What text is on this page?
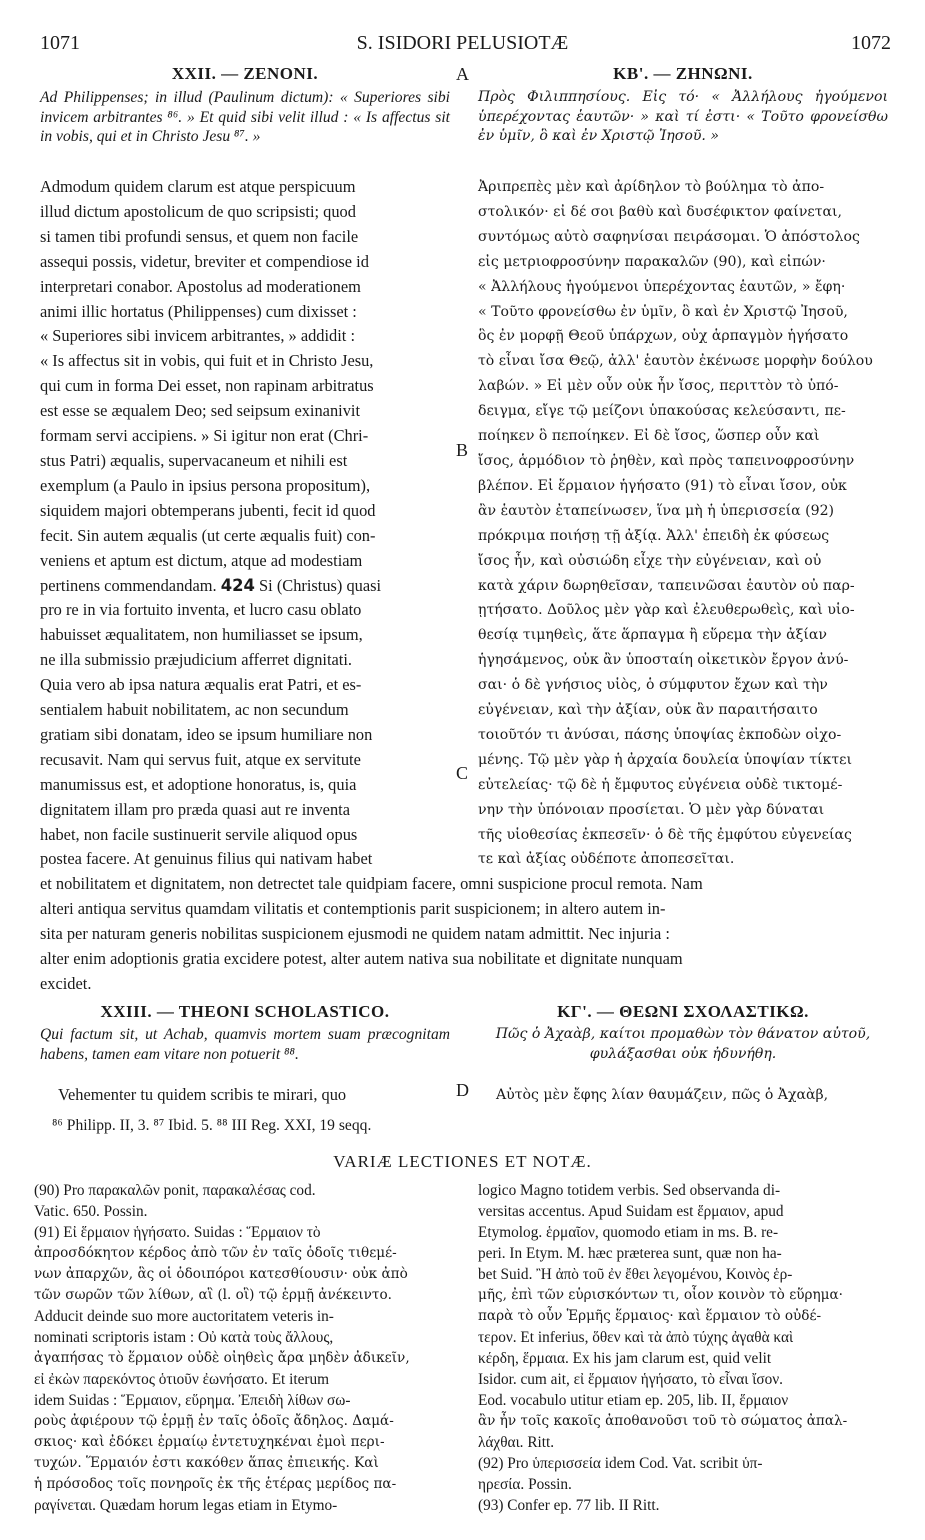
1071	S. ISIDORI PELUSIOTÆ	1072
XXII. — ZENONI.	A	ΚΒ'. — ΖΗΝΩΝΙ.
Ad Philippenses; in illud (Paulinum dictum): « Superiores sibi invicem arbitrantes ⁸⁶. » Et quid sibi velit illud : « Is affectus sit in vobis, qui et in Christo Jesu ⁸⁷. »
Πρὸς Φιλιππησίους. Εἰς τό· « Ἀλλήλους ἡγούμενοι ὑπερέχοντας ἑαυτῶν· » καὶ τί ἐστι· « Τοῦτο φρονείσθω ἐν ὑμῖν, ὃ καὶ ἐν Χριστῷ Ἰησοῦ. »
Admodum quidem clarum est atque perspicuum
illud dictum apostolicum de quo scripsisti; quod
si tamen tibi profundi sensus, et quem non facile
assequi possis, videtur, breviter et compendiose id
interpretari conabor. Apostolus ad moderationem
animi illic hortatus (Philippenses) cum dixisset :
« Superiores sibi invicem arbitrantes, » addidit :
« Is affectus sit in vobis, qui fuit et in Christo Jesu,
qui cum in forma Dei esset, non rapinam arbitratus
est esse se æqualem Deo; sed seipsum exinanivit
formam servi accipiens. » Si igitur non erat (Chri-
stus Patri) æqualis, supervacaneum et nihili est
exemplum (a Paulo in ipsius persona propositum),
siquidem majori obtemperans jubenti, fecit id quod
fecit. Sin autem æqualis (ut certe æqualis fuit) con-
veniens et aptum est dictum, atque ad modestiam
pertinens commendandam. 424 Si (Christus) quasi
pro re in via fortuito inventa, et lucro casu oblato
habuisset æqualitatem, non humiliasset se ipsum,
ne illa submissio præjudicium afferret dignitati.
Quia vero ab ipsa natura æqualis erat Patri, et es-
sentialem habuit nobilitatem, ac non secundum
gratiam sibi donatam, ideo se ipsum humiliare non
recusavit. Nam qui servus fuit, atque ex servitute
manumissus est, et adoptione honoratus, is, quia
dignitatem illam pro præda quasi aut re inventa
habet, non facile sustinuerit servile aliquod opus
postea facere. At genuinus filius qui nativam habet
B
C
Ἀριπρεπὲς μὲν καὶ ἀρίδηλον τὸ βούλημα τὸ ἀπο-
στολικόν· εἰ δέ σοι βαθὺ καὶ δυσέφικτον φαίνεται,
συντόμως αὐτὸ σαφηνίσαι πειράσομαι. Ὁ ἀπόστολος
εἰς μετριοφροσύνην παρακαλῶν (90), καὶ εἰπών·
« Ἀλλήλους ἡγούμενοι ὑπερέχοντας ἑαυτῶν, » ἔφη·
« Τοῦτο φρονείσθω ἐν ὑμῖν, ὃ καὶ ἐν Χριστῷ Ἰησοῦ,
ὃς ἐν μορφῇ Θεοῦ ὑπάρχων, οὐχ ἁρπαγμὸν ἡγήσατο
τὸ εἶναι ἴσα Θεῷ, ἀλλ' ἑαυτὸν ἐκένωσε μορφὴν δούλου
λαβών. » Εἰ μὲν οὖν οὐκ ἦν ἴσος, περιττὸν τὸ ὑπό-
δειγμα, εἴγε τῷ μείζονι ὑπακούσας κελεύσαντι, πε-
ποίηκεν ὃ πεποίηκεν. Εἰ δὲ ἴσος, ὥσπερ οὖν καὶ
ἴσος, ἁρμόδιον τὸ ῥηθὲν, καὶ πρὸς ταπεινοφροσύνην
βλέπον. Εἰ ἕρμαιον ἡγήσατο (91) τὸ εἶναι ἴσον, οὐκ
ἂν ἑαυτὸν ἐταπείνωσεν, ἵνα μὴ ἡ ὑπερισσεία (92)
πρόκριμα ποιήσῃ τῇ ἀξίᾳ. Ἀλλ' ἐπειδὴ ἐκ φύσεως
ἴσος ἦν, καὶ οὐσιώδη εἶχε τὴν εὐγένειαν, καὶ οὐ
κατὰ χάριν δωρηθεῖσαν, ταπεινῶσαι ἑαυτὸν οὐ παρ-
ῃτήσατο. Δοῦλος μὲν γὰρ καὶ ἐλευθερωθεὶς, καὶ υἱο-
θεσίᾳ τιμηθεὶς, ἅτε ἅρπαγμα ἢ εὕρεμα τὴν ἀξίαν
ἡγησάμενος, οὐκ ἂν ὑποσταίη οἰκετικὸν ἔργον ἀνύ-
σαι· ὁ δὲ γνήσιος υἱὸς, ὁ σύμφυτον ἔχων καὶ τὴν
εὐγένειαν, καὶ τὴν ἀξίαν, οὐκ ἂν παραιτήσαιτο
τοιοῦτόν τι ἀνύσαι, πάσης ὑποψίας ἐκποδὼν οἰχο-
μένης. Τῷ μὲν γὰρ ἡ ἀρχαία δουλεία ὑποψίαν τίκτει
εὐτελείας· τῷ δὲ ἡ ἔμφυτος εὐγένεια οὐδὲ τικτομέ-
νην τὴν ὑπόνοιαν προσίεται. Ὁ μὲν γὰρ δύναται
τῆς υἱοθεσίας ἐκπεσεῖν· ὁ δὲ τῆς ἐμφύτου εὐγενείας
τε καὶ ἀξίας οὐδέποτε ἀποπεσεῖται.
et nobilitatem et dignitatem, non detrectet tale quidpiam facere, omni suspicione procul remota. Nam
alteri antiqua servitus quamdam vilitatis et contemptionis parit suspicionem; in altero autem in-
sita per naturam generis nobilitas suspicionem ejusmodi ne quidem natam admittit. Nec injuria :
alter enim adoptionis gratia excidere potest, alter autem nativa sua nobilitate et dignitate nunquam
excidet.
XXIII. — THEONI SCHOLASTICO.	ΚΓ'. — ΘΕΩΝΙ ΣΧΟΛΑΣΤΙΚΩ.
Qui factum sit, ut Achab, quamvis mortem suam præcognitam habens, tamen eam vitare non potuerit ⁸⁸.
Πῶς ὁ Ἀχαὰβ, καίτοι προμαθὼν τὸν θάνατον αὐτοῦ, φυλάξασθαι οὐκ ἠδυνήθη.
Vehementer tu quidem scribis te mirari, quo	D Αὐτὸς μὲν ἔφης λίαν θαυμάζειν, πῶς ὁ Ἀχαὰβ,
⁸⁶ Philipp. II, 3. ⁸⁷ Ibid. 5. ⁸⁸ III Reg. XXI, 19 seqq.
VARIÆ LECTIONES ET NOTÆ.
(90) Pro παρακαλῶν ponit, παρακαλέσας cod.
Vatic. 650. Possin.
(91) Εἰ ἕρμαιον ἡγήσατο. Suidas : Ἕρμαιον τὸ
ἀπροσδόκητον κέρδος ἀπὸ τῶν ἐν ταῖς ὁδοῖς τιθεμέ-
νων ἀπαρχῶν, ἃς οἱ ὁδοιπόροι κατεσθίουσιν· οὐκ ἀπὸ
τῶν σωρῶν τῶν λίθων, αἳ (l. οἳ) τῷ ἑρμῇ ἀνέκειντο.
Adducit deinde suo more auctoritatem veteris in-
nominati scriptoris istam : Οὐ κατὰ τοὺς ἄλλους,
ἀγαπήσας τὸ ἕρμαιον οὐδὲ οἰηθεὶς ἄρα μηδὲν ἀδικεῖν,
εἰ ἐκὼν παρεκόντος ὁτιοῦν ἐωνήσατο. Et iterum
idem Suidas : Ἕρμαιον, εὕρημα. Ἐπειδὴ λίθων σω-
ροὺς ἀφιέρουν τῷ ἑρμῇ ἐν ταῖς ὁδοῖς ἄδηλος. Δαμά-
σκιος· καὶ ἐδόκει ἑρμαίῳ ἐντετυχηκέναι ἐμοὶ περι-
τυχών. Ἕρμαιόν ἐστι κακόθεν ἅπας ἐπιεικής. Καὶ
ἡ πρόσοδος τοῖς πονηροῖς ἐκ τῆς ἑτέρας μερίδος πα-
ραγίνεται. Quædam horum legas etiam in Etymo-
logico Magno totidem verbis. Sed observanda di-
versitas accentus. Apud Suidam est ἕρμαιον, apud
Etymolog. ἑρμαῖον, quomodo etiam in ms. B. re-
peri. In Etym. M. hæc præterea sunt, quæ non ha-
bet Suid. Ἢ ἀπὸ τοῦ ἐν ἔθει λεγομένου, Κοινὸς ἑρ-
μῆς, ἐπὶ τῶν εὑρισκόντων τι, οἷον κοινὸν τὸ εὕρημα·
παρὰ τὸ οὖν Ἑρμῆς ἕρμαιος· καὶ ἕρμαιον τὸ οὐδέ-
τερον. Et inferius, ὅθεν καὶ τὰ ἀπὸ τύχης ἀγαθὰ καὶ
κέρδη, ἕρμαια. Ex his jam clarum est, quid velit
Isidor. cum ait, εἰ ἕρμαιον ἡγήσατο, τὸ εἶναι ἴσον.
Eod. vocabulo utitur etiam ep. 205, lib. II, ἕρμαιον
ἂν ἦν τοῖς κακοῖς ἀποθανοῦσι τοῦ τὸ σώματος ἀπαλ-
λάχθαι. Ritt.
(92) Pro ὑπερισσεία idem Cod. Vat. scribit ὑπ-
ηρεσία. Possin.
(93) Confer ep. 77 lib. II Ritt.
